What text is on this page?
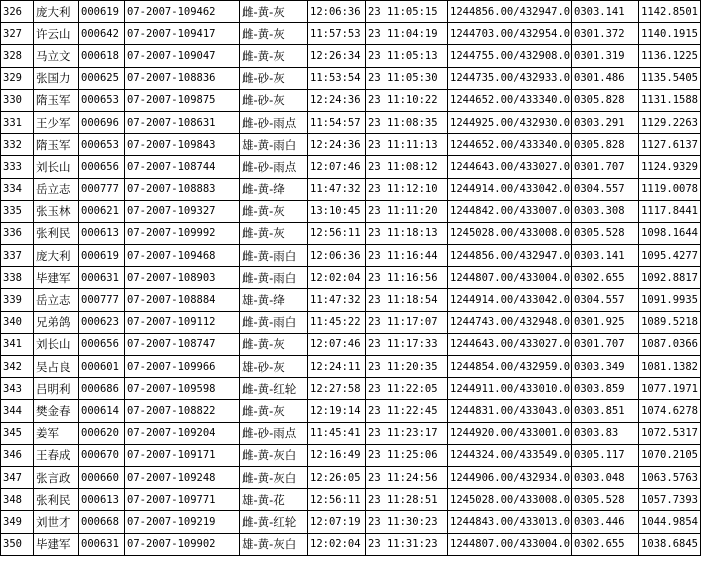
326	庞大利	000619	07-2007-109462	雌-黄-灰	12:06:36	23 11:05:15	1244856.00/432947.0	0303.141	1142.8501
327	许云山	000642	07-2007-109417	雌-黄-灰	11:57:53	23 11:04:19	1244703.00/432954.0	0301.372	1140.1915
328	马立文	000618	07-2007-109047	雌-黄-灰	12:26:34	23 11:05:13	1244755.00/432908.0	0301.319	1136.1225
329	张国力	000625	07-2007-108836	雌-砂-灰	11:53:54	23 11:05:30	1244735.00/432933.0	0301.486	1135.5405
330	隋玉军	000653	07-2007-109875	雌-砂-灰	12:24:36	23 11:10:22	1244652.00/433340.0	0305.828	1131.1588
331	王少军	000696	07-2007-108631	雌-砂-雨点	11:54:57	23 11:08:35	1244925.00/432930.0	0303.291	1129.2263
332	隋玉军	000653	07-2007-109843	雄-黄-雨白	12:24:36	23 11:11:13	1244652.00/433340.0	0305.828	1127.6137
333	刘长山	000656	07-2007-108744	雌-砂-雨点	12:07:46	23 11:08:12	1244643.00/433027.0	0301.707	1124.9329
334	岳立志	000777	07-2007-108883	雌-黄-绛	11:47:32	23 11:12:10	1244914.00/433042.0	0304.557	1119.0078
335	张玉林	000621	07-2007-109327	雌-黄-灰	13:10:45	23 11:11:20	1244842.00/433007.0	0303.308	1117.8441
336	张利民	000613	07-2007-109992	雌-黄-灰	12:56:11	23 11:18:13	1245028.00/433008.0	0305.528	1098.1644
337	庞大利	000619	07-2007-109468	雌-黄-雨白	12:06:36	23 11:16:44	1244856.00/432947.0	0303.141	1095.4277
338	毕建军	000631	07-2007-108903	雌-黄-雨白	12:02:04	23 11:16:56	1244807.00/433004.0	0302.655	1092.8817
339	岳立志	000777	07-2007-108884	雄-黄-绛	11:47:32	23 11:18:54	1244914.00/433042.0	0304.557	1091.9935
340	兄弟鸽	000623	07-2007-109112	雌-黄-雨白	11:45:22	23 11:17:07	1244743.00/432948.0	0301.925	1089.5218
341	刘长山	000656	07-2007-108747	雌-黄-灰	12:07:46	23 11:17:33	1244643.00/433027.0	0301.707	1087.0366
342	吴占良	000601	07-2007-109966	雄-砂-灰	12:24:11	23 11:20:35	1244854.00/432959.0	0303.349	1081.1382
343	吕明利	000686	07-2007-109598	雌-黄-红轮	12:27:58	23 11:22:05	1244911.00/433010.0	0303.859	1077.1971
344	樊金春	000614	07-2007-108822	雌-黄-灰	12:19:14	23 11:22:45	1244831.00/433043.0	0303.851	1074.6278
345	姜军	000620	07-2007-109204	雌-砂-雨点	11:45:41	23 11:23:17	1244920.00/433001.0	0303.83	1072.5317
346	王春成	000670	07-2007-109171	雌-黄-灰白	12:16:49	23 11:25:06	1244324.00/433549.0	0305.117	1070.2105
347	张言政	000660	07-2007-109248	雌-黄-灰白	12:26:05	23 11:24:56	1244906.00/432934.0	0303.048	1063.5763
348	张利民	000613	07-2007-109771	雄-黄-花	12:56:11	23 11:28:51	1245028.00/433008.0	0305.528	1057.7393
349	刘世才	000668	07-2007-109219	雌-黄-红轮	12:07:19	23 11:30:23	1244843.00/433013.0	0303.446	1044.9854
350	毕建军	000631	07-2007-109902	雄-黄-灰白	12:02:04	23 11:31:23	1244807.00/433004.0	0302.655	1038.6845
